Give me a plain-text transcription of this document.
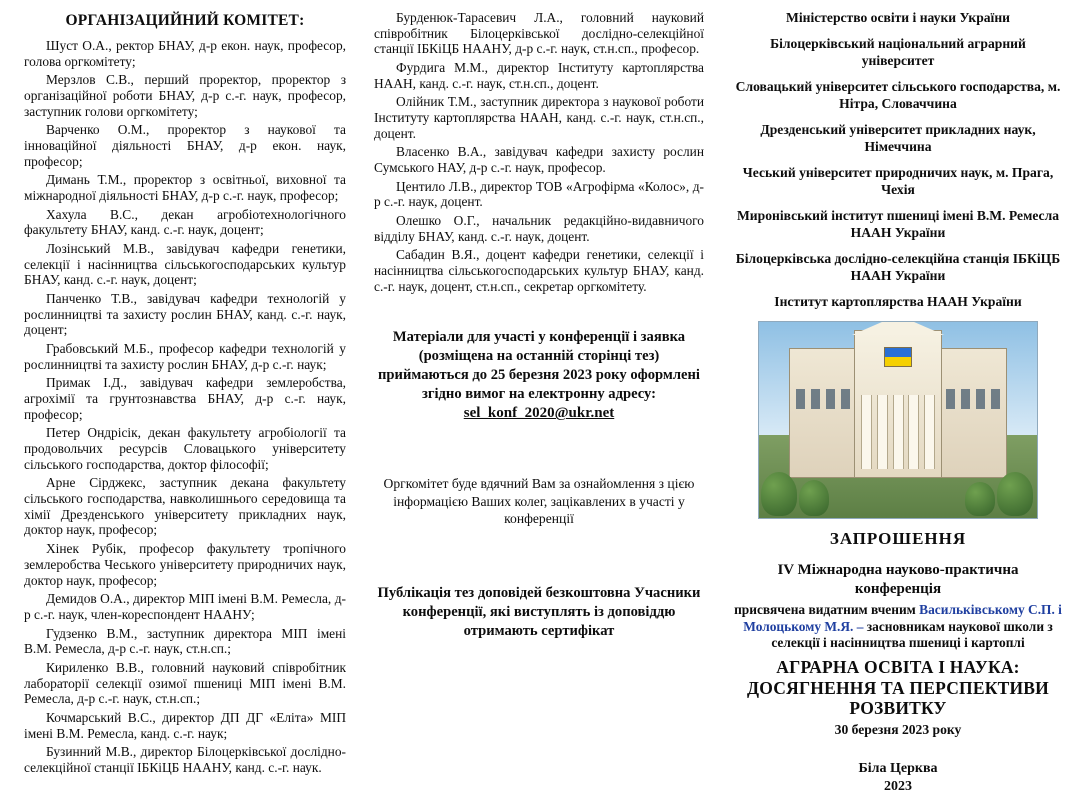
ОРГАНІЗАЦИЙНИЙ КОМІТЕТ:

Шуст О.А., ректор БНАУ, д-р екон. наук, професор, голова оргкомітету;

Мерзлов С.В., перший проректор, проректор з організаційної роботи БНАУ, д-р с.-г. наук, професор, заступник голови оргкомітету;

Варченко О.М., проректор з наукової та інноваційної діяльності БНАУ, д-р екон. наук, професор;

Димань Т.М., проректор з освітньої, виховної та міжнародної діяльності БНАУ, д-р с.-г. наук, професор;

Хахула В.С., декан агробіотехнологічного факультету БНАУ, канд. с.-г. наук, доцент;

Лозінський М.В., завідувач кафедри генетики, селекції і насінництва сільськогосподарських культур БНАУ, канд. с.-г. наук, доцент;

Панченко Т.В., завідувач кафедри технологій у рослинництві та захисту рослин БНАУ, канд. с.-г. наук, доцент;

Грабовський М.Б., професор кафедри технологій у рослинництві та захисту рослин БНАУ, д-р с.-г. наук;

Примак І.Д., завідувач кафедри землеробства, агрохімії та грунтознавства БНАУ, д-р с.-г. наук, професор;

Петер Ондрісік, декан факультету агробіології та продовольчих ресурсів Словацького університету сільського господарства, доктор філософії;

Арне Сірджекс, заступник декана факультету сільського господарства, навколишнього середовища та хімії Дрезденського університету прикладних наук, доктор наук, професор;

Хінек Рубік, професор факультету тропічного землеробства Чеського університету природничих наук, доктор наук, професор;

Демидов О.А., директор МІП імені В.М. Ремесла, д-р с.-г. наук, член-кореспондент НААНУ;

Гудзенко В.М., заступник директора МІП імені В.М. Ремесла, д-р с.-г. наук, ст.н.сп.;

Кириленко В.В., головний науковий співробітник лабораторії селекції озимої пшениці МІП імені В.М. Ремесла, д-р с.-г. наук, ст.н.сп.;

Кочмарський В.С., директор ДП ДГ «Еліта» МІП імені В.М. Ремесла, канд. с.-г. наук;

Бузинний М.В., директор Білоцерківської дослідно-селекційної станції ІБКіЦБ НААНУ, канд. с.-г. наук.

Бурденюк-Тарасевич Л.А., головний науковий співробітник Білоцерківської дослідно-селекційної станції ІБКіЦБ НААНУ, д-р с.-г. наук, ст.н.сп., професор.

Фурдига М.М., директор Інституту картоплярства НААН, канд. с.-г. наук, ст.н.сп., доцент.

Олійник Т.М., заступник директора з наукової роботи Інституту картоплярства НААН, канд. с.-г. наук, ст.н.сп., доцент.

Власенко В.А., завідувач кафедри захисту рослин Сумського НАУ, д-р с.-г. наук, професор.

Центило Л.В., директор ТОВ «Агрофірма «Колос», д-р с.-г. наук, доцент.

Олешко О.Г., начальник редакційно-видавничого відділу БНАУ, канд. с.-г. наук, доцент.

Сабадин В.Я., доцент кафедри генетики, селекції і насінництва сільськогосподарських культур БНАУ, канд. с.-г. наук, доцент, ст.н.сп., секретар оргкомітету.

Матеріали для участі у конференції і заявка (розміщена на останній сторінці тез) приймаються до 25 березня 2023 року оформлені згідно вимог на електронну адресу:
sel_konf_2020@ukr.net
Оргкомітет буде вдячний Вам за ознайомлення з цією інформацією Ваших колег, зацікавлених в участі у конференції
Публікація тез доповідей безкоштовна Учасники конференції, які виступлять із доповіддю отримають сертифікат
Міністерство освіти і науки України
Білоцерківський національний аграрний університет
Словацький університет сільського господарства, м. Нітра, Словаччина
Дрезденський університет прикладних наук, Німеччина
Чеський університет природничих наук, м. Прага, Чехія
Миронівський інститут пшениці імені В.М. Ремесла НААН України
Білоцерківська дослідно-селекційна станція ІБКіЦБ НААН України
Інститут картоплярства НААН України
ЗАПРОШЕННЯ
IV Міжнародна науково-практична конференція
присвячена видатним вченим Васильківському С.П. і Молоцькому М.Я. – засновникам наукової школи з селекції і насінництва пшениці і картоплі
АГРАРНА ОСВІТА І НАУКА: ДОСЯГНЕННЯ ТА ПЕРСПЕКТИВИ РОЗВИТКУ
30 березня 2023 року
Біла Церква
2023
